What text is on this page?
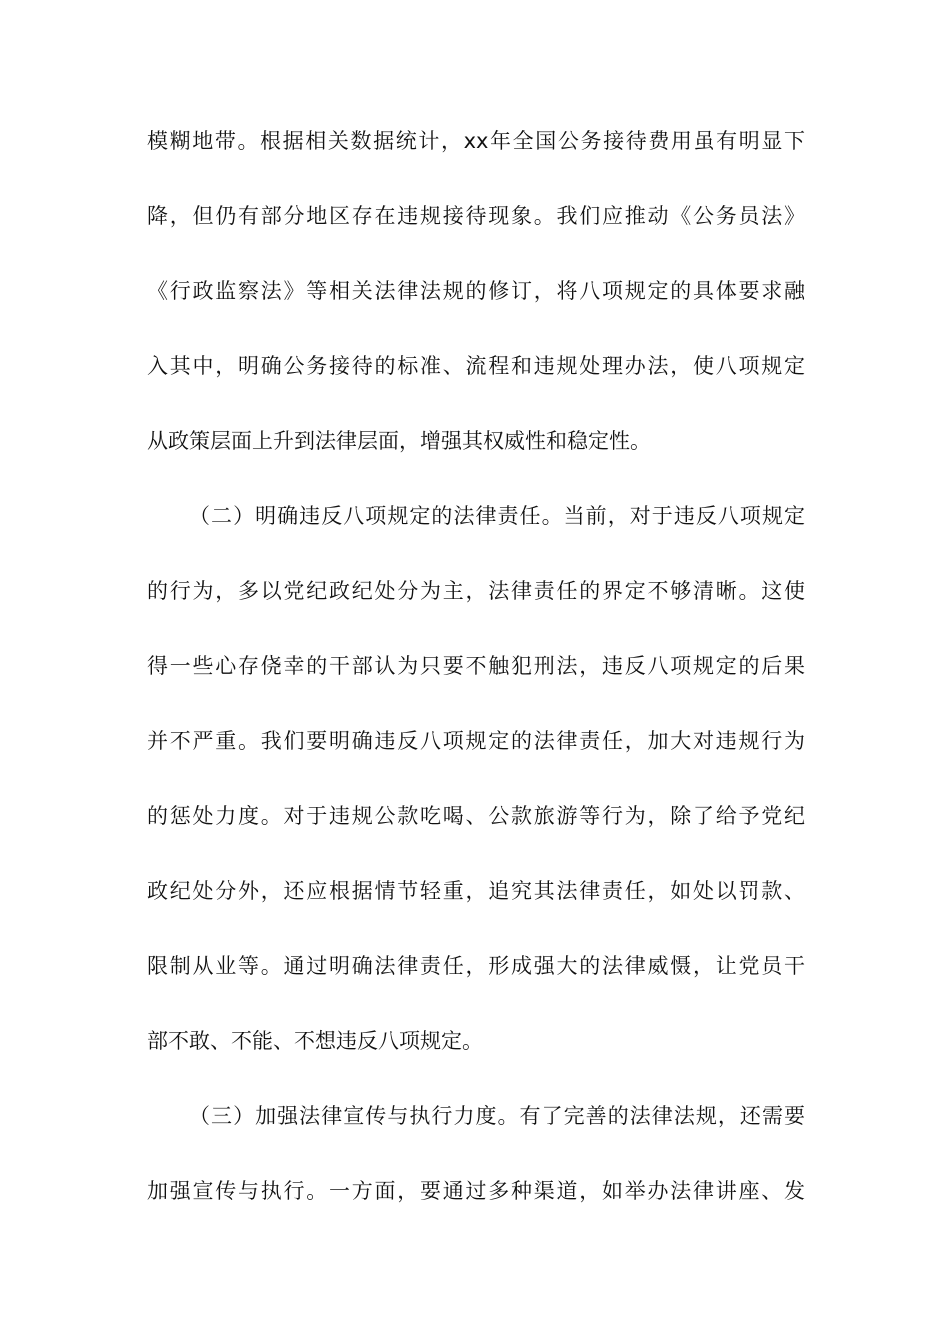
模糊地带。根据相关数据统计，xx年全国公务接待费用虽有明显下
降，但仍有部分地区存在违规接待现象。我们应推动《公务员法》
《行政监察法》等相关法律法规的修订，将八项规定的具体要求融
入其中，明确公务接待的标准、流程和违规处理办法，使八项规定
从政策层面上升到法律层面，增强其权威性和稳定性。
（二）明确违反八项规定的法律责任。当前，对于违反八项规定
的行为，多以党纪政纪处分为主，法律责任的界定不够清晰。这使
得一些心存侥幸的干部认为只要不触犯刑法，违反八项规定的后果
并不严重。我们要明确违反八项规定的法律责任，加大对违规行为
的惩处力度。对于违规公款吃喝、公款旅游等行为，除了给予党纪
政纪处分外，还应根据情节轻重，追究其法律责任，如处以罚款、
限制从业等。通过明确法律责任，形成强大的法律威慑，让党员干
部不敢、不能、不想违反八项规定。
（三）加强法律宣传与执行力度。有了完善的法律法规，还需要
加强宣传与执行。一方面，要通过多种渠道，如举办法律讲座、发
